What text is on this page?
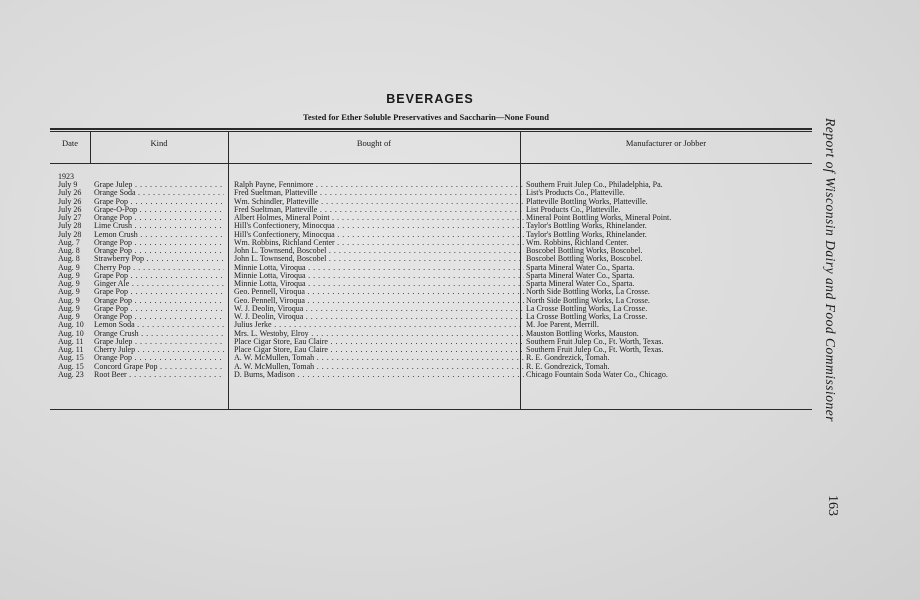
BEVERAGES
Tested for Ether Soluble Preservatives and Saccharin—None Found
Date	Kind	Bought of	Manufacturer or Jobber
1923
July 9	Grape Julep . . .	Ralph Payne, Fennimore . . .	Southern Fruit Julep Co., Philadelphia, Pa.
July 26	Orange Soda . . .	Fred Sueltman, Platteville . . .	List's Products Co., Platteville.
July 26	Grape Pop . . .	Wm. Schindler, Platteville . . .	Platteville Bottling Works, Platteville.
July 26	Grape-O-Pop . . .	Fred Sueltman, Platteville . . .	List Products Co., Platteville.
July 27	Orange Pop . . .	Albert Holmes, Mineral Point . . .	Mineral Point Bottling Works, Mineral Point.
July 28	Lime Crush . . .	Hill's Confectionery, Minocqua . . .	Taylor's Bottling Works, Rhinelander.
July 28	Lemon Crush . . .	Hill's Confectionery, Minocqua . . .	Taylor's Bottling Works, Rhinelander.
Aug. 7	Orange Pop . . .	Wm. Robbins, Richland Center . . .	Wm. Robbins, Richland Center.
Aug. 8	Orange Pop . . .	John L. Townsend, Boscobel . . .	Boscobel Bottling Works, Boscobel.
Aug. 8	Strawberry Pop . . .	John L. Townsend, Boscobel . . .	Boscobel Bottling Works, Boscobel.
Aug. 9	Cherry Pop . . .	Minnie Lotta, Viroqua . . .	Sparta Mineral Water Co., Sparta.
Aug. 9	Grape Pop . . .	Minnie Lotta, Viroqua . . .	Sparta Mineral Water Co., Sparta.
Aug. 9	Ginger Ale . . .	Minnie Lotta, Viroqua . . .	Sparta Mineral Water Co., Sparta.
Aug. 9	Grape Pop . . .	Geo. Pennell, Viroqua . . .	North Side Bottling Works, La Crosse.
Aug. 9	Orange Pop . . .	Geo. Pennell, Viroqua . . .	North Side Bottling Works, La Crosse.
Aug. 9	Grape Pop . . .	W. J. Deolin, Viroqua . . .	La Crosse Bottling Works, La Crosse.
Aug. 9	Orange Pop . . .	W. J. Deolin, Viroqua . . .	La Crosse Bottling Works, La Crosse.
Aug. 10	Lemon Soda . . .	Julius Jerke . . .	M. Joe Parent, Merrill.
Aug. 10	Orange Crush . . .	Mrs. L. Westoby, Elroy . . .	Mauston Bottling Works, Mauston.
Aug. 11	Grape Julep . . .	Place Cigar Store, Eau Claire . . .	Southern Fruit Julep Co., Ft. Worth, Texas.
Aug. 11	Cherry Julep . . .	Place Cigar Store, Eau Claire . . .	Southern Fruit Julep Co., Ft. Worth, Texas.
Aug. 15	Orange Pop . . .	A. W. McMullen, Tomah . . .	R. E. Gondrezick, Tomah.
Aug. 15	Concord Grape Pop . . .	A. W. McMullen, Tomah . . .	R. E. Gondrezick, Tomah.
Aug. 23	Root Beer . . .	D. Burns, Madison . . .	Chicago Fountain Soda Water Co., Chicago.	Report of Wisconsin Dairy and Food Commissioner
163
